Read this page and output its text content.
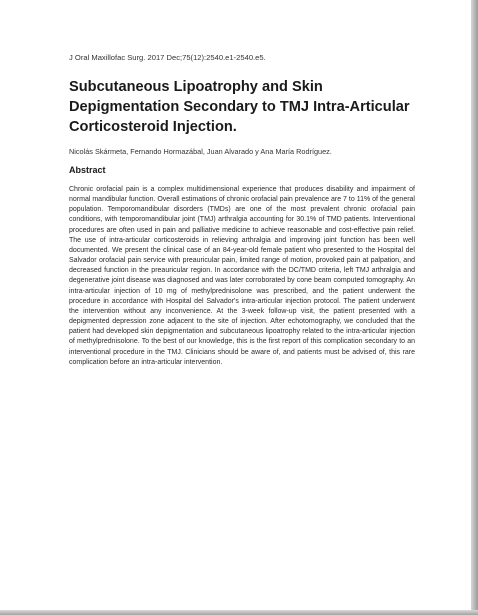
J Oral Maxillofac Surg. 2017 Dec;75(12):2540.e1-2540.e5.
Subcutaneous Lipoatrophy and Skin Depigmentation Secondary to TMJ Intra-Articular Corticosteroid Injection.
Nicolás Skármeta, Fernando Hormazábal, Juan Alvarado y Ana María Rodríguez.
Abstract
Chronic orofacial pain is a complex multidimensional experience that produces disability and impairment of normal mandibular function. Overall estimations of chronic orofacial pain prevalence are 7 to 11% of the general population. Temporomandibular disorders (TMDs) are one of the most prevalent chronic orofacial pain conditions, with temporomandibular joint (TMJ) arthralgia accounting for 30.1% of TMD patients. Interventional procedures are often used in pain and palliative medicine to achieve reasonable and cost-effective pain relief. The use of intra-articular corticosteroids in relieving arthralgia and improving joint function has been well documented. We present the clinical case of an 84-year-old female patient who presented to the Hospital del Salvador orofacial pain service with preauricular pain, limited range of motion, provoked pain at palpation, and decreased function in the preauricular region. In accordance with the DC/TMD criteria, left TMJ arthralgia and degenerative joint disease was diagnosed and was later corroborated by cone beam computed tomography. An intra-articular injection of 10 mg of methylprednisolone was prescribed, and the patient underwent the procedure in accordance with Hospital del Salvador's intra-articular injection protocol. The patient underwent the intervention without any inconvenience. At the 3-week follow-up visit, the patient presented with a depigmented depression zone adjacent to the site of injection. After echotomography, we concluded that the patient had developed skin depigmentation and subcutaneous lipoatrophy related to the intra-articular injection of methylprednisolone. To the best of our knowledge, this is the first report of this complication secondary to an interventional procedure in the TMJ. Clinicians should be aware of, and patients must be advised of, this rare complication before an intra-articular intervention.
